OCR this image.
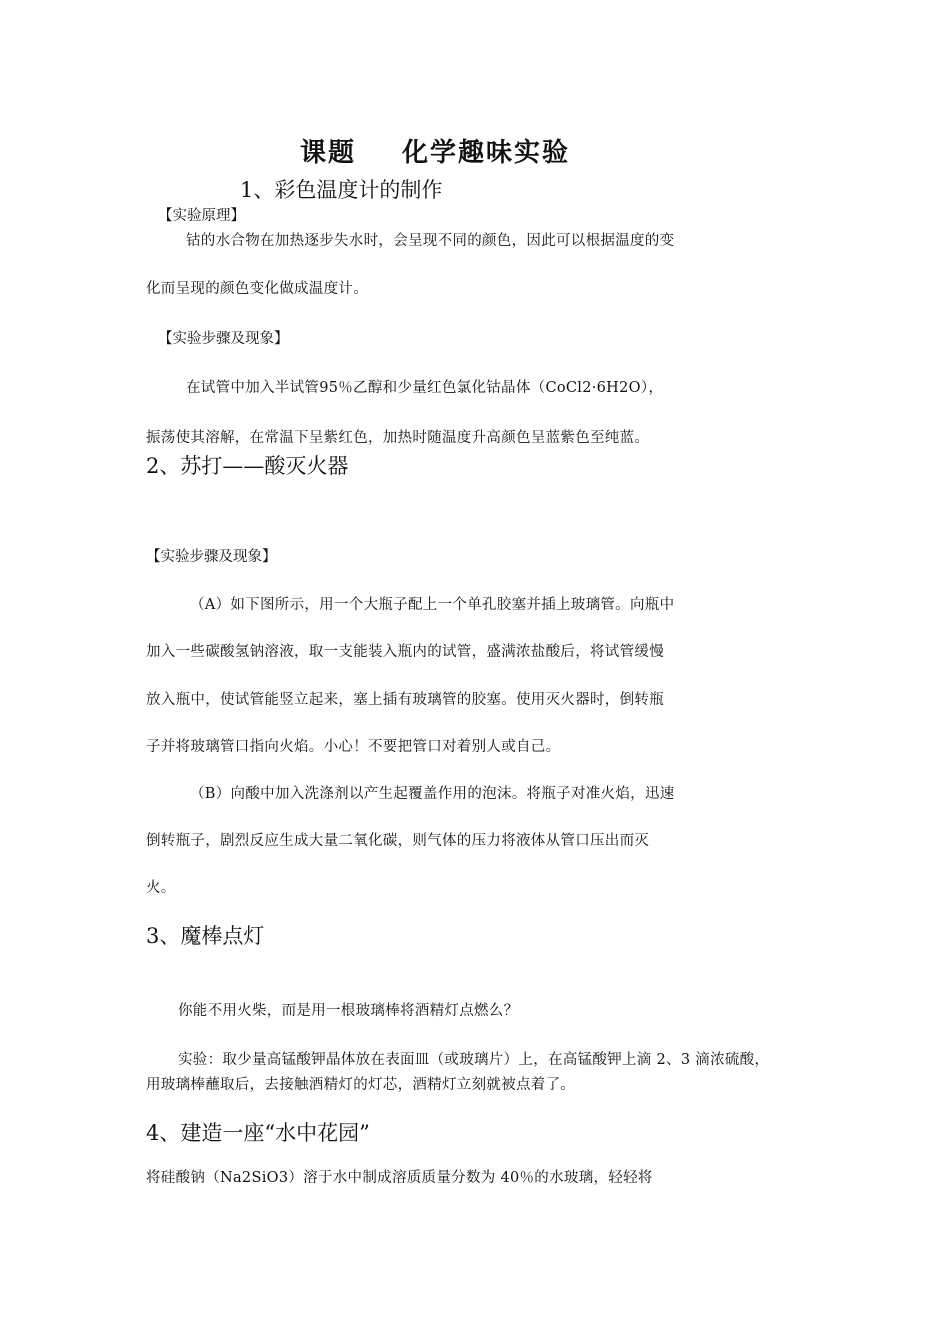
课题 化学趣味实验
1、彩色温度计的制作
【实验原理】
钴的水合物在加热逐步失水时，会呈现不同的颜色，因此可以根据温度的变
化而呈现的颜色变化做成温度计。
【实验步骤及现象】
在试管中加入半试管95％乙醇和少量红色氯化钴晶体（CoCl2·6H2O），
振荡使其溶解，在常温下呈紫红色，加热时随温度升高颜色呈蓝紫色至纯蓝。
2、苏打——酸灭火器
【实验步骤及现象】
（A）如下图所示，用一个大瓶子配上一个单孔胶塞并插上玻璃管。向瓶中
加入一些碳酸氢钠溶液，取一支能装入瓶内的试管，盛满浓盐酸后，将试管缓慢
放入瓶中，使试管能竖立起来，塞上插有玻璃管的胶塞。使用灭火器时，倒转瓶
子并将玻璃管口指向火焰。小心！不要把管口对着别人或自己。
（B）向酸中加入洗涤剂以产生起覆盖作用的泡沫。将瓶子对准火焰，迅速
倒转瓶子，剧烈反应生成大量二氧化碳，则气体的压力将液体从管口压出而灭
火。
3、魔棒点灯
你能不用火柴，而是用一根玻璃棒将酒精灯点燃么？
实验：取少量高锰酸钾晶体放在表面皿（或玻璃片）上，在高锰酸钾上滴 2、3 滴浓硫酸，
用玻璃棒蘸取后，去接触酒精灯的灯芯，酒精灯立刻就被点着了。
4、建造一座“水中花园”
将硅酸钠（Na2SiO3）溶于水中制成溶质质量分数为 40％的水玻璃，轻轻将
